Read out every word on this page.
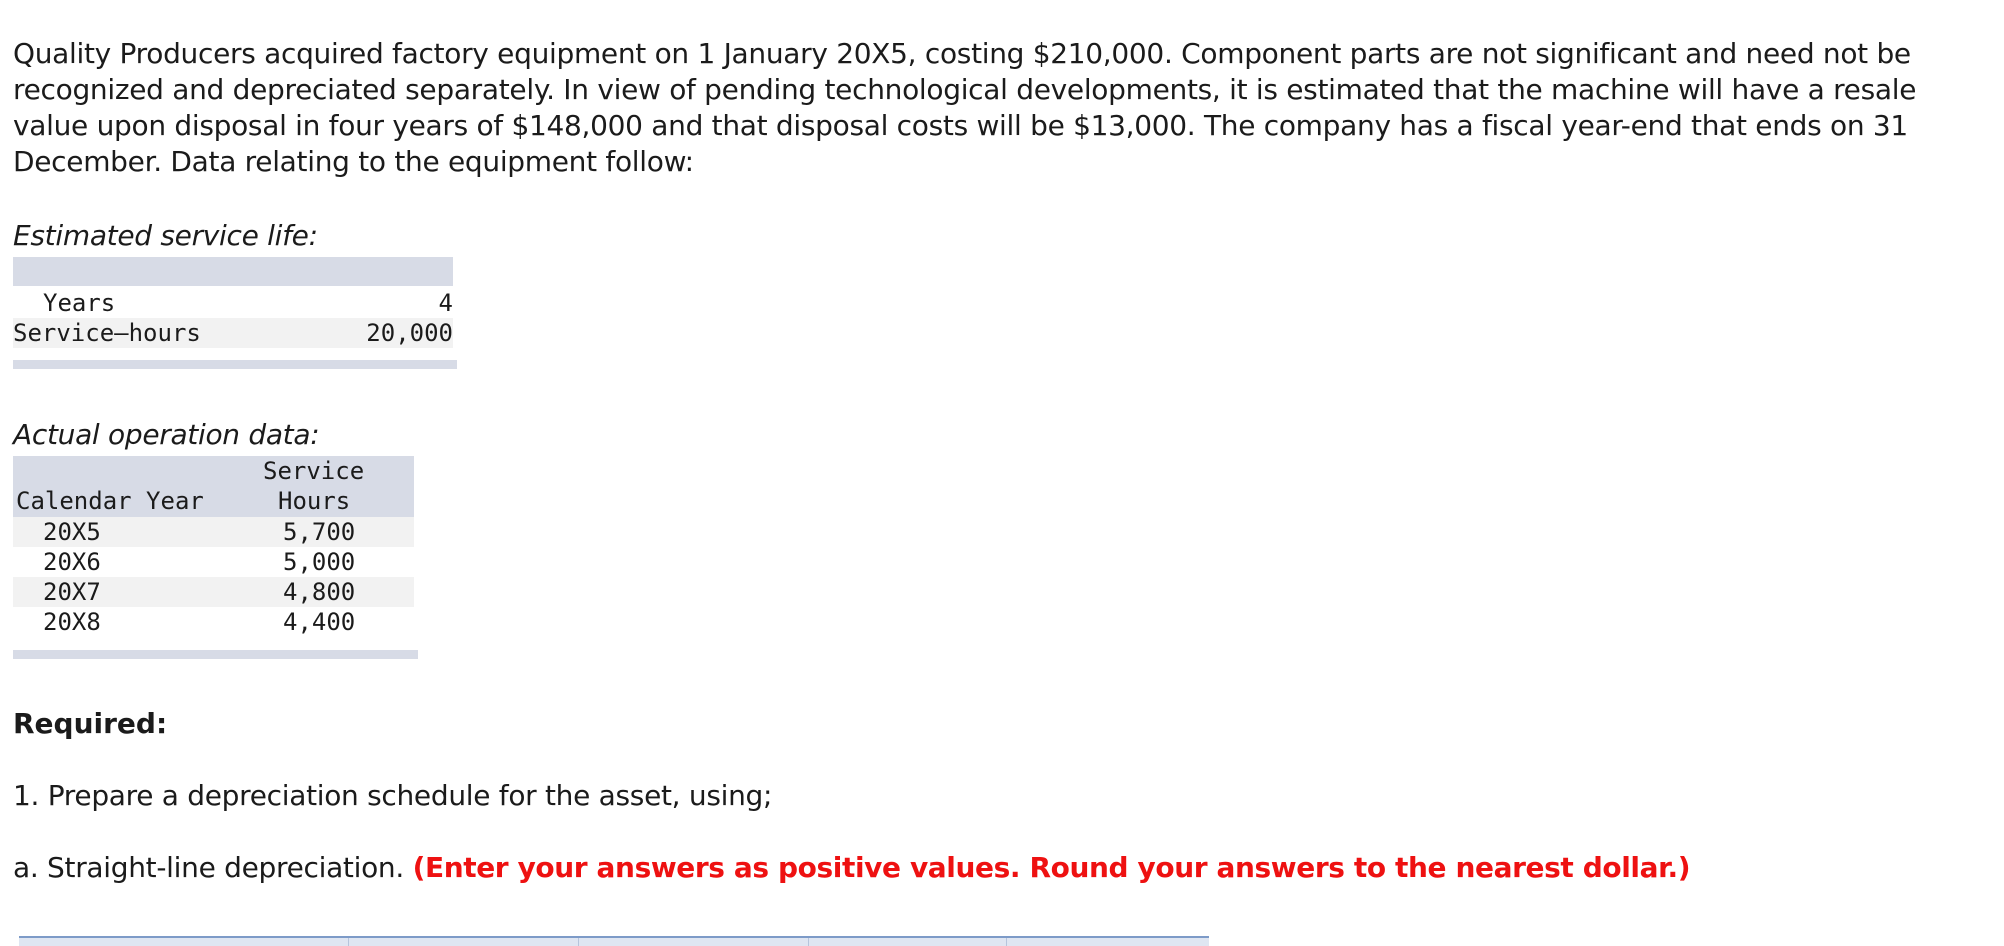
Quality Producers acquired factory equipment on 1 January 20X5, costing $210,000. Component parts are not significant and need not be recognized and depreciated separately. In view of pending technological developments, it is estimated that the machine will have a resale value upon disposal in four years of $148,000 and that disposal costs will be $13,000. The company has a fiscal year-end that ends on 31 December. Data relating to the equipment follow:

Estimated service life:

Years	4
Service–hours	20,000

Actual operation data:

Calendar Year
Service
Hours
20X5	5,700
20X6	5,000
20X7	4,800
20X8	4,400

Required:

1. Prepare a depreciation schedule for the asset, using;

a. Straight-line depreciation. (Enter your answers as positive values. Round your answers to the nearest dollar.)
